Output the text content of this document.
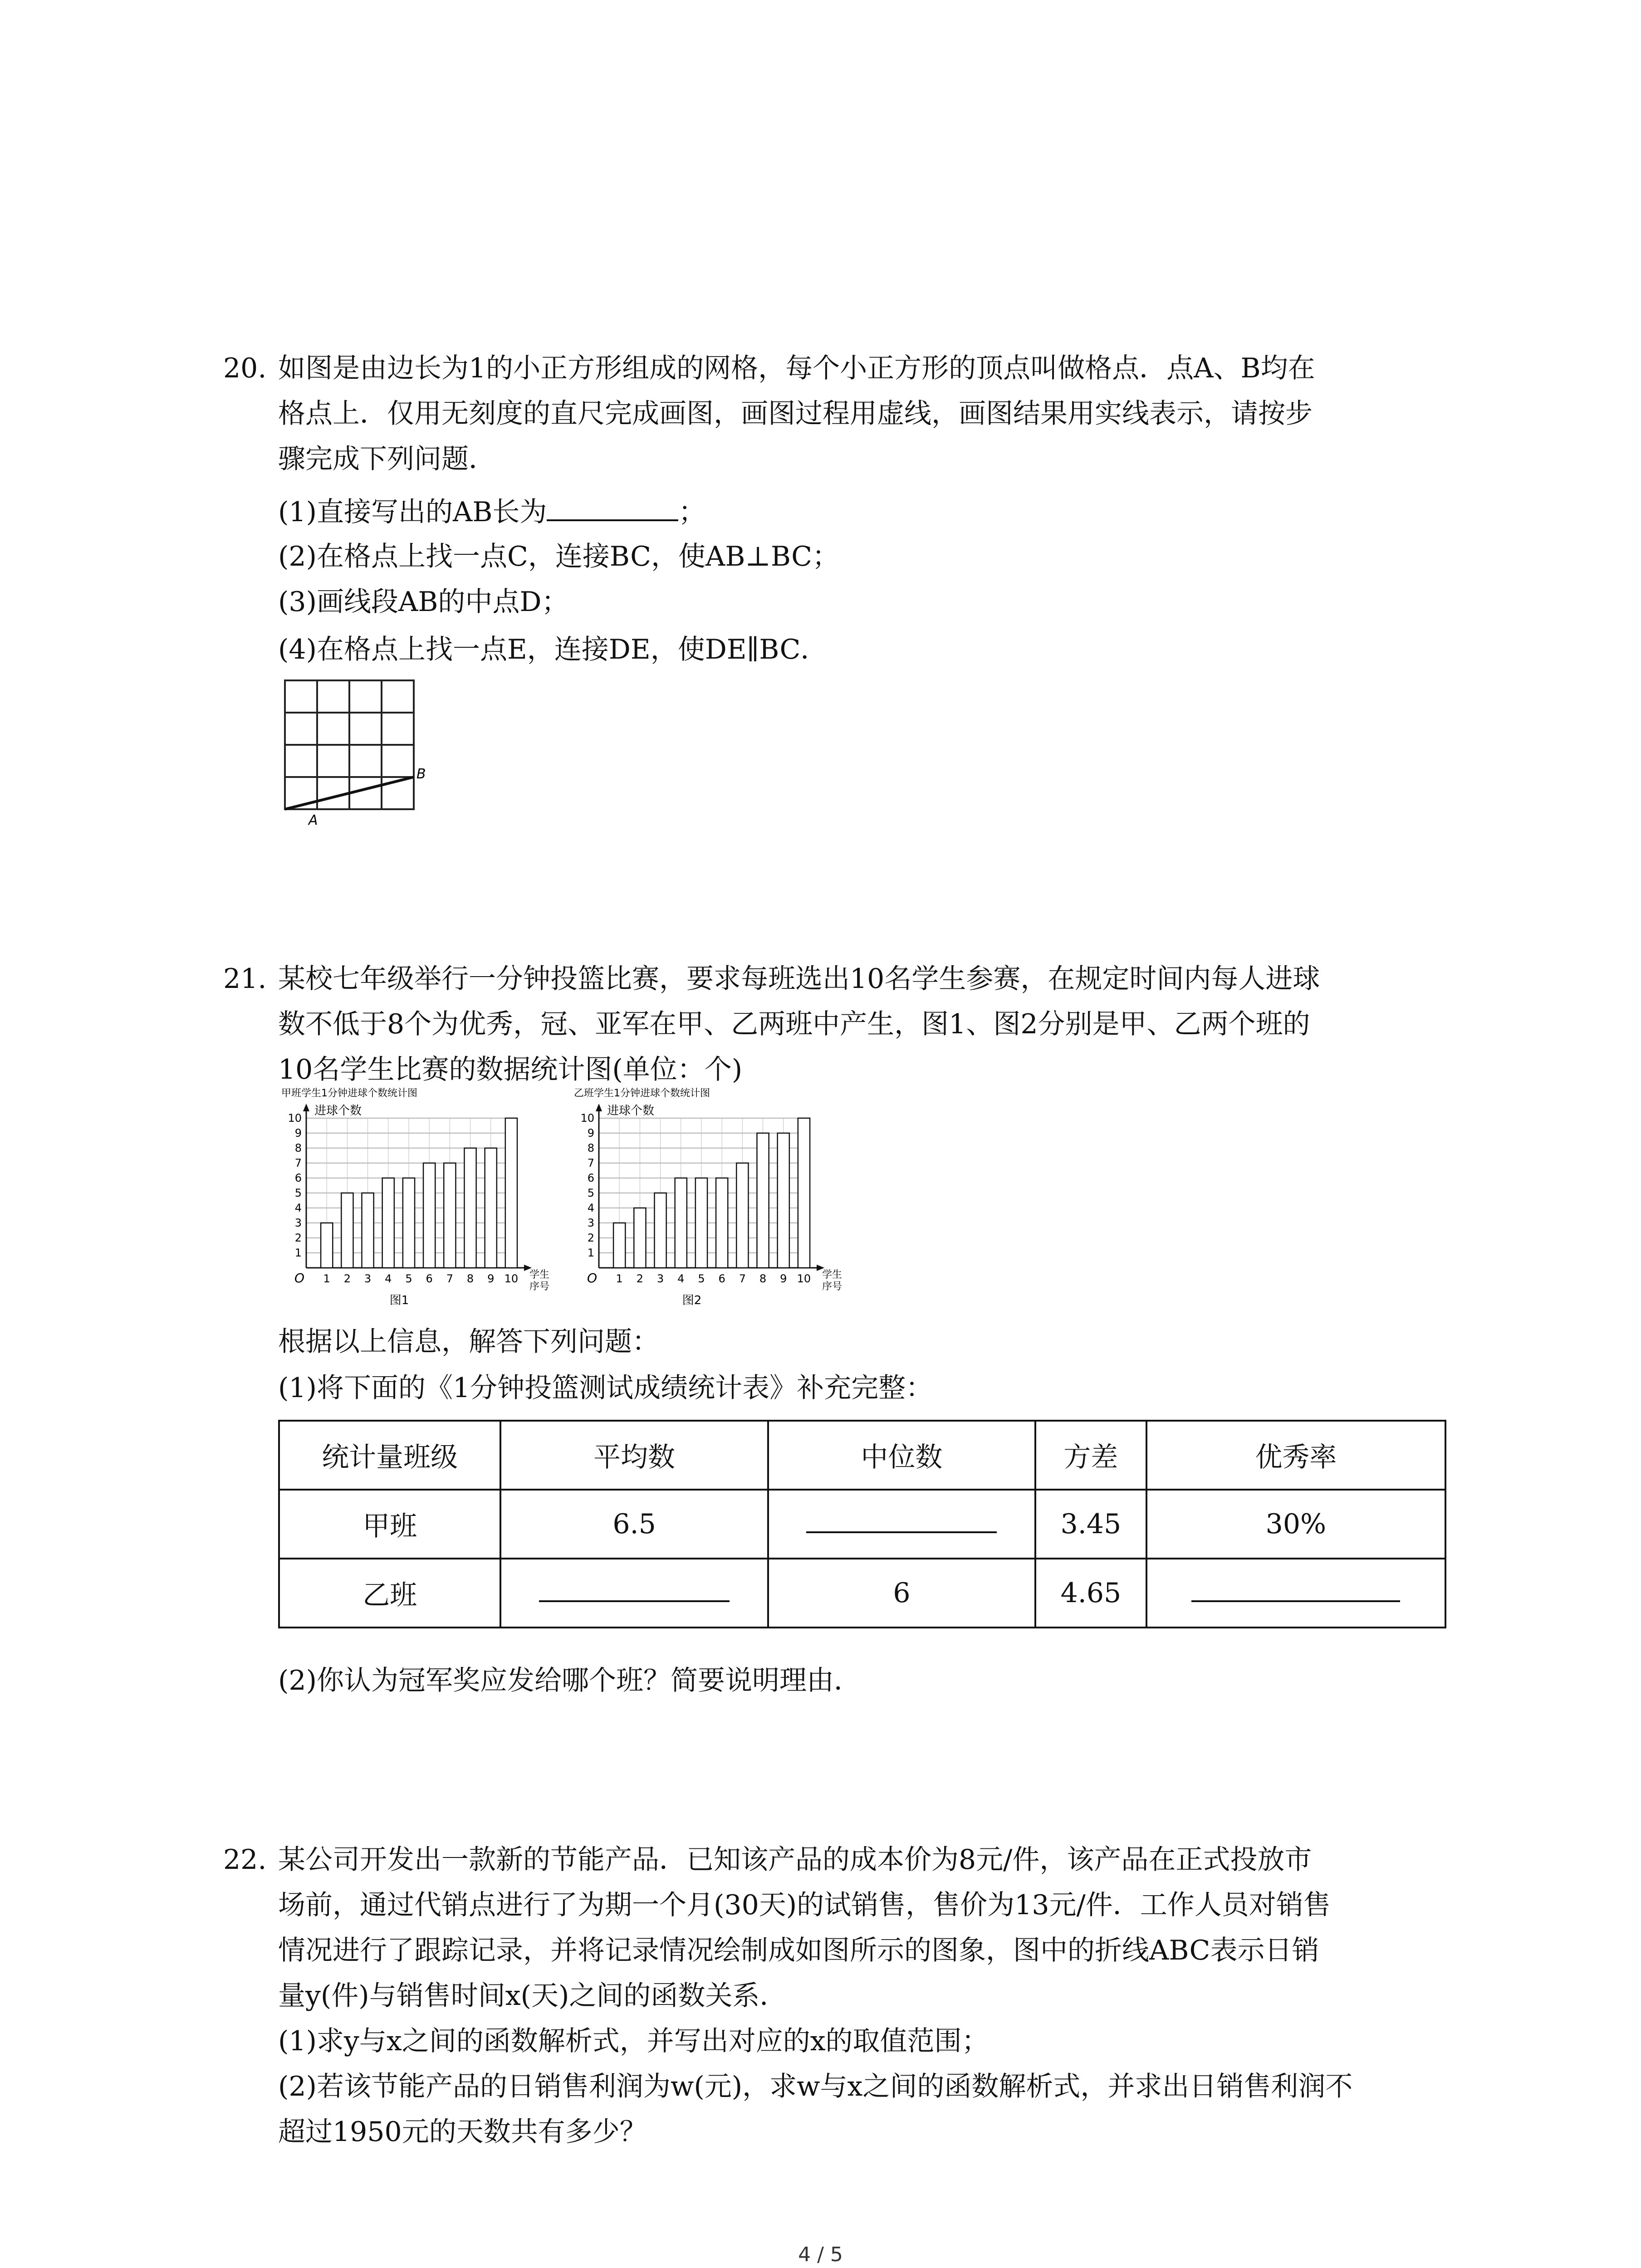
20. 如图是由边长为1的小正方形组成的网格，每个小正方形的顶点叫做格点．点A、B均在
格点上．仅用无刻度的直尺完成画图，画图过程用虚线，画图结果用实线表示，请按步
骤完成下列问题．
(1)直接写出的AB长为	；
(2)在格点上找一点C，连接BC，使AB⊥BC；
(3)画线段AB的中点D；
(4)在格点上找一点E，连接DE，使DE∥BC．
A
B
21. 某校七年级举行一分钟投篮比赛，要求每班选出10名学生参赛，在规定时间内每人进球
数不低于8个为优秀，冠、亚军在甲、乙两班中产生，图1、图2分别是甲、乙两个班的
10名学生比赛的数据统计图(单位：个)
甲班学生1分钟进球个数统计图
进球个数
1
2
3
4
5
6
7
8
9
10
1 2 3 4 5 6 7 8 9 10
O	学生
序号
图1
乙班学生1分钟进球个数统计图
进球个数
1
2
3
4
5
6
7
8
9
10
1 2 3 4 5 6 7 8 9 10
O	学生
序号
图2
根据以上信息，解答下列问题：
(1)将下面的《1分钟投篮测试成绩统计表》补充完整：
统计量班级	平均数	中位数	方差	优秀率
甲班	6.5		3.45	30%
乙班		6	4.65	
(2)你认为冠军奖应发给哪个班？简要说明理由．
22. 某公司开发出一款新的节能产品．已知该产品的成本价为8元/件，该产品在正式投放市
场前，通过代销点进行了为期一个月(30天)的试销售，售价为13元/件．工作人员对销售
情况进行了跟踪记录，并将记录情况绘制成如图所示的图象，图中的折线ABC表示日销
量y(件)与销售时间x(天)之间的函数关系．
(1)求y与x之间的函数解析式，并写出对应的x的取值范围；
(2)若该节能产品的日销售利润为w(元)，求w与x之间的函数解析式，并求出日销售利润不
超过1950元的天数共有多少？
4 / 5
